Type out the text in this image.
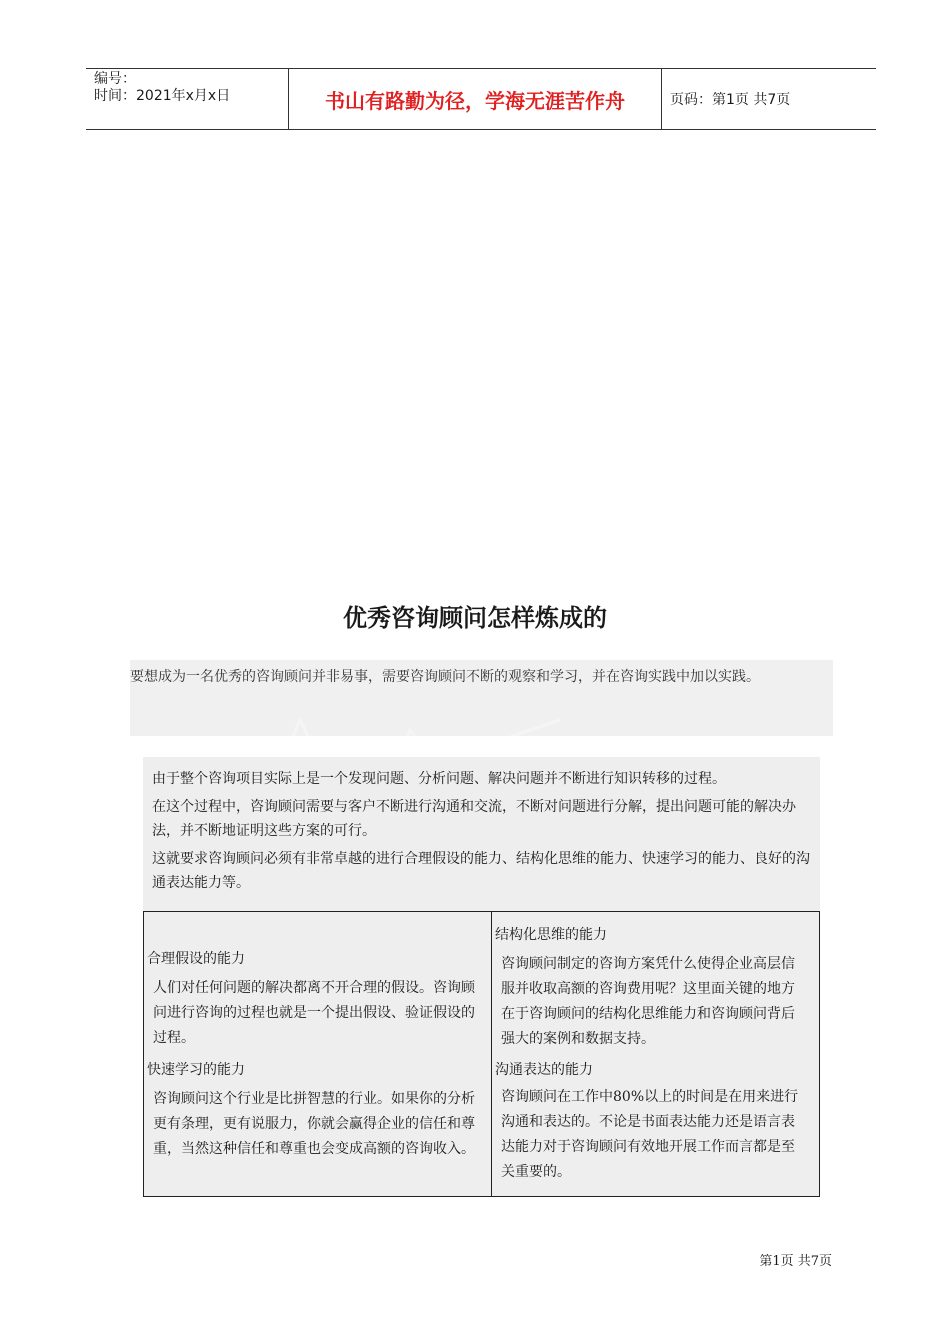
编号：
时间：2021年x月x日	书山有路勤为径，学海无涯苦作舟	页码：第1页 共7页
优秀咨询顾问怎样炼成的

要想成为一名优秀的咨询顾问并非易事，需要咨询顾问不断的观察和学习，并在咨询实践中加以实践。

由于整个咨询项目实际上是一个发现问题、分析问题、解决问题并不断进行知识转移的过程。

在这个过程中，咨询顾问需要与客户不断进行沟通和交流，不断对问题进行分解，提出问题可能的解决办法，并不断地证明这些方案的可行。

这就要求咨询顾问必须有非常卓越的进行合理假设的能力、结构化思维的能力、快速学习的能力、良好的沟通表达能力等。

合理假设的能力
人们对任何问题的解决都离不开合理的假设。咨询顾问进行咨询的过程也就是一个提出假设、验证假设的过程。
快速学习的能力
咨询顾问这个行业是比拼智慧的行业。如果你的分析更有条理，更有说服力，你就会赢得企业的信任和尊重，当然这种信任和尊重也会变成高额的咨询收入。
结构化思维的能力
咨询顾问制定的咨询方案凭什么使得企业高层信服并收取高额的咨询费用呢？这里面关键的地方在于咨询顾问的结构化思维能力和咨询顾问背后强大的案例和数据支持。
沟通表达的能力
咨询顾问在工作中80%以上的时间是在用来进行沟通和表达的。不论是书面表达能力还是语言表达能力对于咨询顾问有效地开展工作而言都是至关重要的。
第1页 共7页
